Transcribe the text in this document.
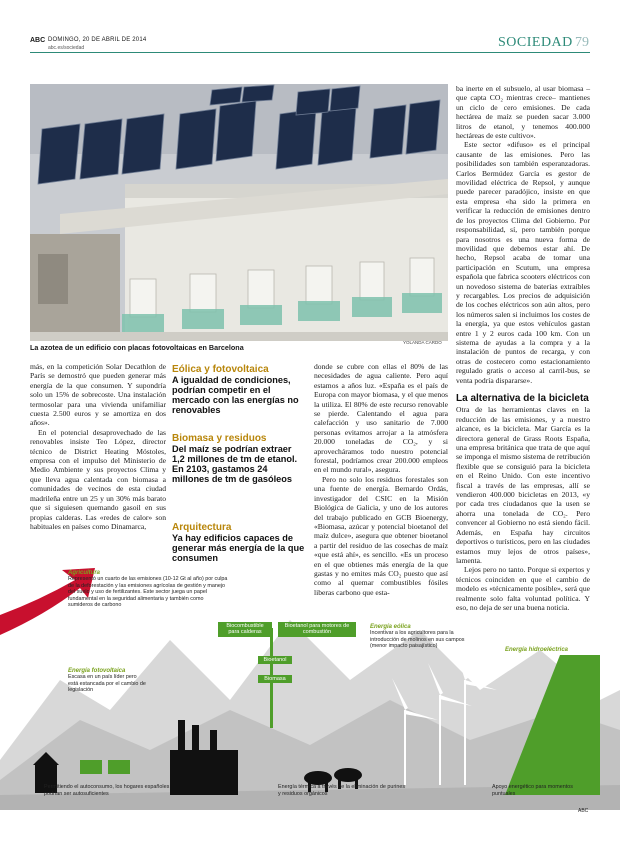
ABC DOMINGO, 20 DE ABRIL DE 2014
abc.es/sociedad	SOCIEDAD 79
La azotea de un edificio con placas fotovoltaicas en Barcelona
YOLANDA CARDO

más, en la competición Solar Decathlon de París se demostró que pueden generar más energía de la que consumen. Y supondría solo un 15% de sobrecoste. Una instalación termosolar para una vivienda unifamiliar cuesta 2.500 euros y se amortiza en dos años».

En el potencial desaprovechado de las renovables insiste Teo López, director técnico de District Heating Móstoles, empresa con el impulso del Ministerio de Medio Ambiente y sus proyectos Clima y que lleva agua calentada con biomasa a comunidades de vecinos de esta ciudad madrileña entre un 25 y un 30% más barato que si siguiesen quemando gasoil en sus propias calderas. Las «redes de calor» son habituales en países como Dinamarca,

Eólica y fotovoltaica
A igualdad de condiciones, podrían competir en el mercado con las energías no renovables
Biomasa y residuos
Del maíz se podrían extraer 1,2 millones de tm de etanol. En 2103, gastamos 24 millones de tm de gasóleos
Arquitectura
Ya hay edificios capaces de generar más energía de la que consumen

donde se cubre con ellas el 80% de las necesidades de agua caliente. Pero aquí estamos a años luz. «España es el país de Europa con mayor biomasa, y el que menos la utiliza. El 80% de este recurso renovable se pierde. Calentando el agua para calefacción y uso sanitario de 7.000 personas evitamos arrojar a la atmósfera 20.000 toneladas de CO₂, y si aprovecháramos todo nuestro potencial forestal, podríamos crear 200.000 empleos en el mundo rural», asegura.

Pero no solo los residuos forestales son una fuente de energía. Bernardo Ordás, investigador del CSIC en la Misión Biológica de Galicia, y uno de los autores del trabajo publicado en GCB Bioenergy, «Biomasa, azúcar y potencial bioetanol del maíz dulce», asegura que obtener bioetanol a partir del residuo de las cosechas de maíz «que está ahí», es sencillo. «Es un proceso en el que obtienes más energía de la que gastas y no emites más CO₂ puesto que así como al quemar combustibles fósiles liberas carbono que esta-

ba inerte en el subsuelo, al usar biomasa –que capta CO₂ mientras crece– mantienes un ciclo de cero emisiones. De cada hectárea de maíz se pueden sacar 3.000 litros de etanol, y tenemos 400.000 hectáreas de este cultivo».

Este sector «difuso» es el principal causante de las emisiones. Pero las posibilidades son también esperanzadoras. Carlos Bermúdez García es gestor de movilidad eléctrica de Repsol, y aunque puede parecer paradójico, insiste en que esta empresa «ha sido la primera en verificar la reducción de emisiones dentro de los proyectos Clima del Gobierno. Por responsabilidad, sí, pero también porque para nosotros es una nueva forma de movilidad que debemos estar ahí. De hecho, Repsol acaba de tomar una participación en Scutum, una empresa española que fabrica scooters eléctricos con un novedoso sistema de baterías extraíbles y recargables. Los precios de adquisición de los coches eléctricos son aún altos, pero los números salen si incluimos los costes de la energía, ya que estos vehículos gastan entre 1 y 2 euros cada 100 km. Con un sistema de ayudas a la compra y a la instalación de puntos de recarga, y con otras de costecero como estacionamiento regulado gratis o acceso al carril-bus, se venta podría dispararse».

La alternativa de la bicicleta

Otra de las herramientas claves en la reducción de las emisiones, y a nuestro alcance, es la bicicleta. Mar García es la directora general de Grass Roots España, una empresa británica que trata de que aquí se imponga el mismo sistema de retribución flexible que se consiguió para la bicicleta en el Reino Unido. Con este incentivo fiscal a través de las empresas, allí se vendieron 400.000 bicicletas en 2013, «y por cada tres ciudadanos que la usen se ahorra una tonelada de CO₂. Pero convencer al Gobierno no está siendo fácil. Además, en España hay circuitos deportivos o turísticos, pero en las ciudades estamos muy lejos de otros países», lamenta.

Lejos pero no tanto. Porque si expertos y técnicos coinciden en que el cambio de modelo es «técnicamente posible», será que realmente solo falta voluntad política. Y eso, no deja de ser una buena noticia.

CO₂
Agricultura
Representó un cuarto de las emisiones (10-12 Gt al año) por culpa de la deforestación y las emisiones agrícolas de gestión y manejo del suelo y uso de fertilizantes. Este sector juega un papel fundamental en la seguridad alimentaria y también como sumideros de carbono
Energía fotovoltaica
Escasa en un país líder pero está estancada por el cambio de legislación
Energía eólica
Incentivar a los agricultores para la introducción de molinos en sus campos (menor impacto paisajístico)
Energía hidroeléctrica
Biocombustible para calderas
Bioetanol para motores de combustión
Bioetanol
Biomasa
Permitiendo el autoconsumo, los hogares españoles podrían ser autosuficientes
Energía térmica a través de la eliminación de purines y residuos orgánicos
Apoyo energético para momentos puntuales
ABC
